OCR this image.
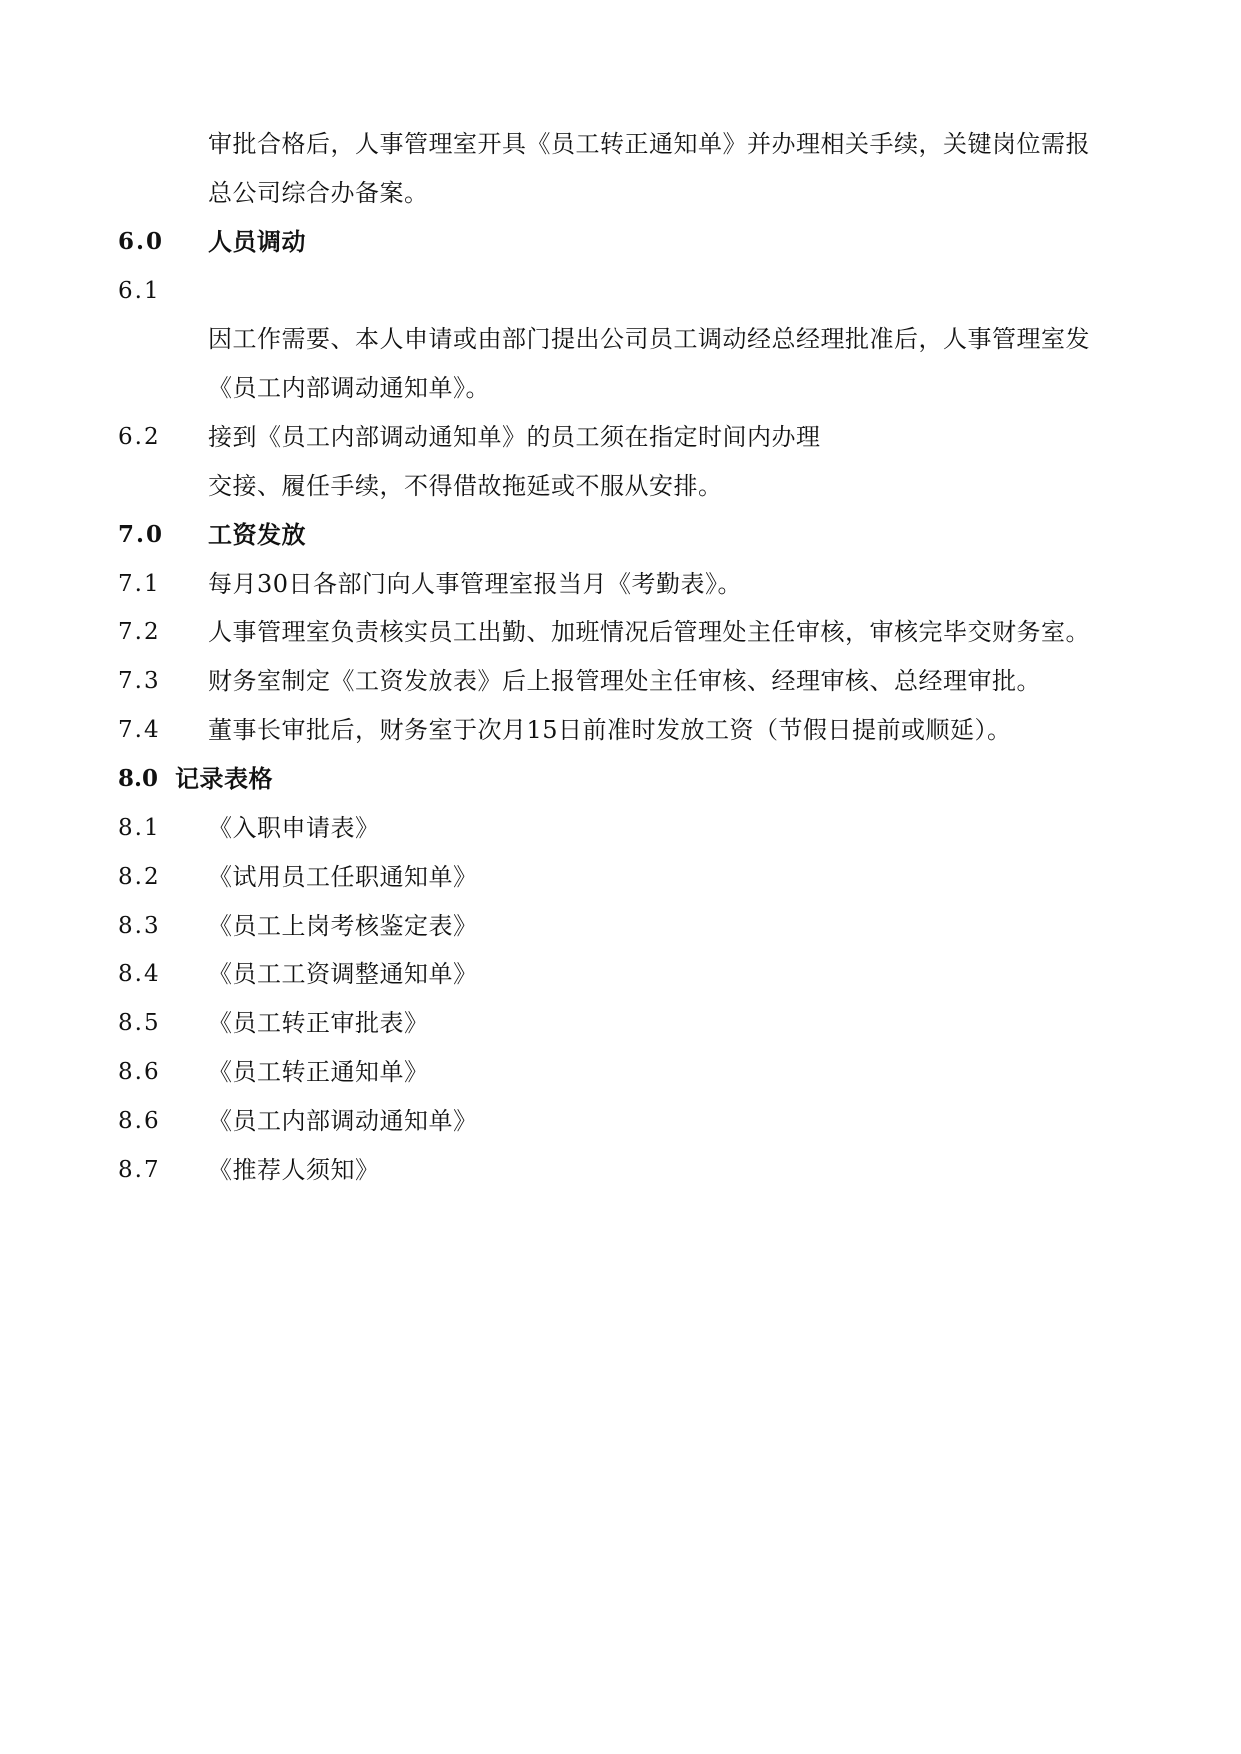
审批合格后，人事管理室开具《员工转正通知单》并办理相关手续，关键岗位需报
总公司综合办备案。
6.0 人员调动
6.1
因工作需要、本人申请或由部门提出公司员工调动经总经理批准后，人事管理室发
《员工内部调动通知单》。
6.2 接到《员工内部调动通知单》的员工须在指定时间内办理
交接、履任手续，不得借故拖延或不服从安排。
7.0 工资发放
7.1 每月30日各部门向人事管理室报当月《考勤表》。
7.2 人事管理室负责核实员工出勤、加班情况后管理处主任审核，审核完毕交财务室。
7.3 财务室制定《工资发放表》后上报管理处主任审核、经理审核、总经理审批。
7.4 董事长审批后，财务室于次月15日前准时发放工资（节假日提前或顺延）。
8.0 记录表格
8.1 《入职申请表》
8.2 《试用员工任职通知单》
8.3 《员工上岗考核鉴定表》
8.4 《员工工资调整通知单》
8.5 《员工转正审批表》
8.6 《员工转正通知单》
8.6 《员工内部调动通知单》
8.7 《推荐人须知》
